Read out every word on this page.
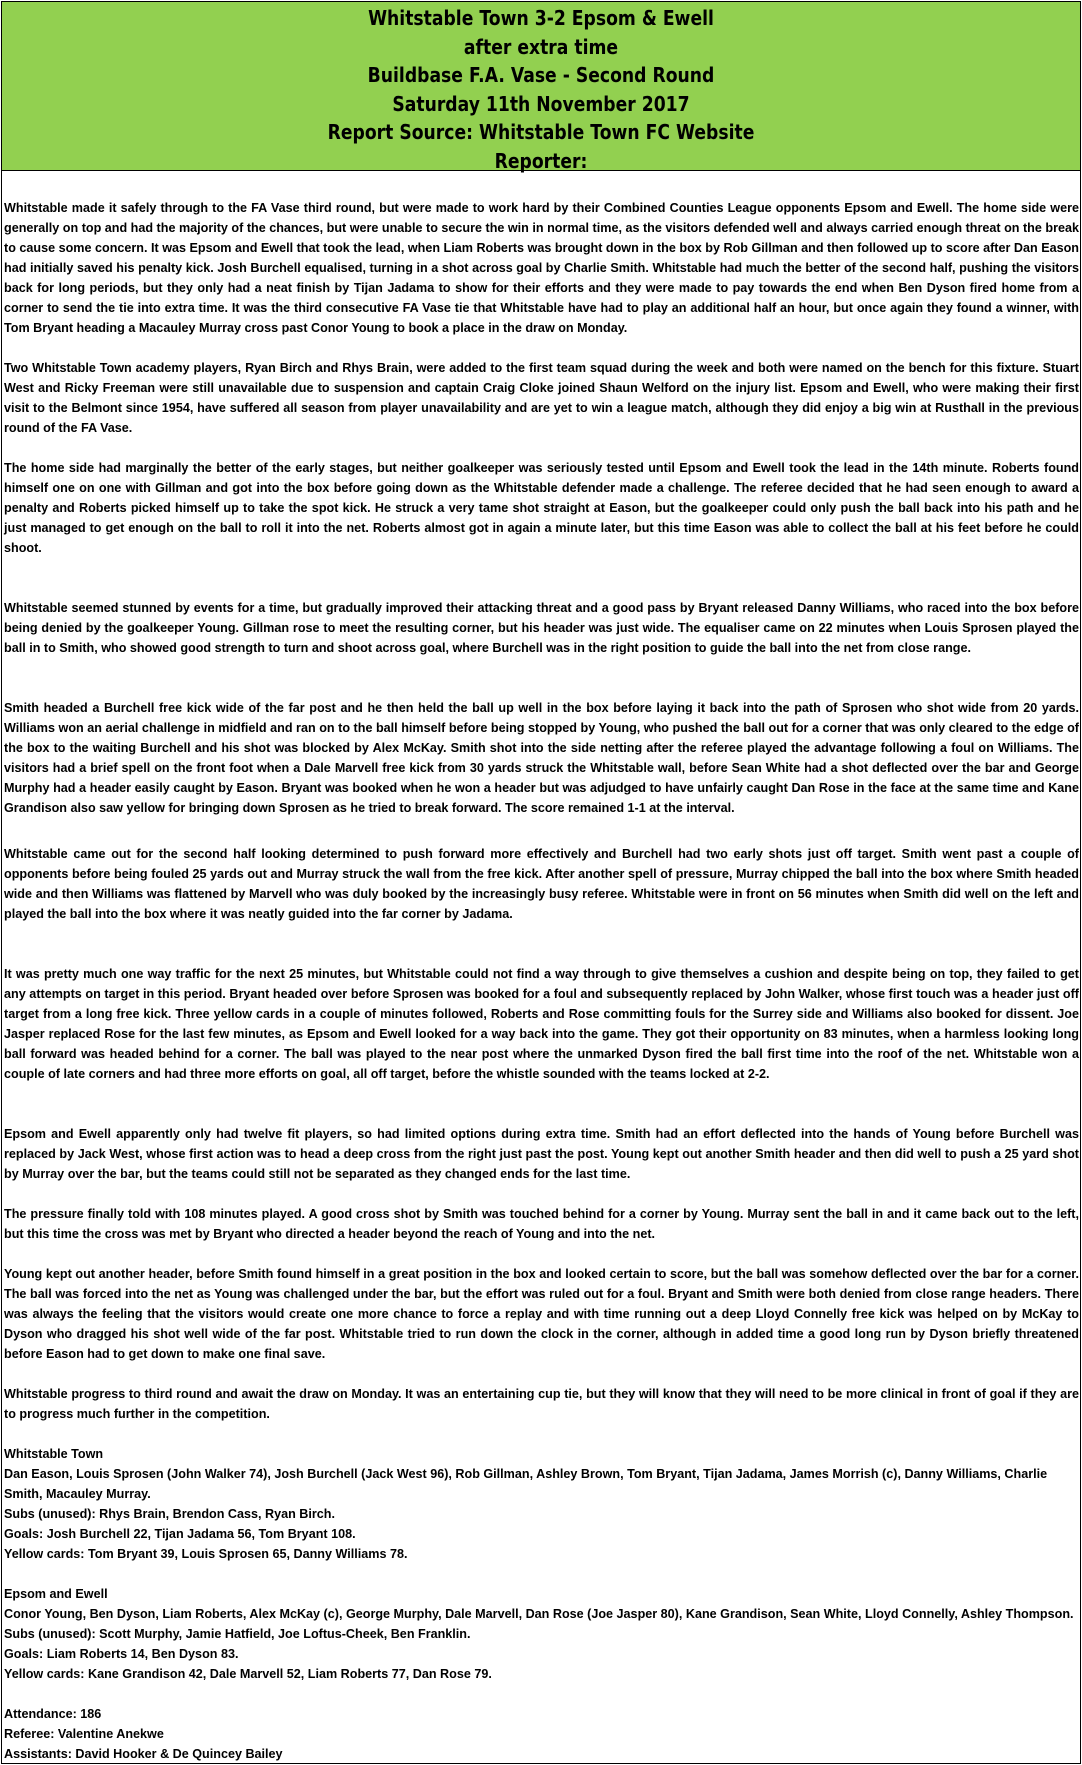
Whitstable Town 3-2 Epsom & Ewell
after extra time
Buildbase F.A. Vase - Second Round
Saturday 11th November 2017
Report Source: Whitstable Town FC Website
Reporter:

Whitstable made it safely through to the FA Vase third round, but were made to work hard by their Combined Counties League opponents Epsom and Ewell. The home side were generally on top and had the majority of the chances, but were unable to secure the win in normal time, as the visitors defended well and always carried enough threat on the break to cause some concern. It was Epsom and Ewell that took the lead, when Liam Roberts was brought down in the box by Rob Gillman and then followed up to score after Dan Eason had initially saved his penalty kick. Josh Burchell equalised, turning in a shot across goal by Charlie Smith. Whitstable had much the better of the second half, pushing the visitors back for long periods, but they only had a neat finish by Tijan Jadama to show for their efforts and they were made to pay towards the end when Ben Dyson fired home from a corner to send the tie into extra time. It was the third consecutive FA Vase tie that Whitstable have had to play an additional half an hour, but once again they found a winner, with Tom Bryant heading a Macauley Murray cross past Conor Young to book a place in the draw on Monday.

Two Whitstable Town academy players, Ryan Birch and Rhys Brain, were added to the first team squad during the week and both were named on the bench for this fixture. Stuart West and Ricky Freeman were still unavailable due to suspension and captain Craig Cloke joined Shaun Welford on the injury list. Epsom and Ewell, who were making their first visit to the Belmont since 1954, have suffered all season from player unavailability and are yet to win a league match, although they did enjoy a big win at Rusthall in the previous round of the FA Vase.

The home side had marginally the better of the early stages, but neither goalkeeper was seriously tested until Epsom and Ewell took the lead in the 14th minute. Roberts found himself one on one with Gillman and got into the box before going down as the Whitstable defender made a challenge. The referee decided that he had seen enough to award a penalty and Roberts picked himself up to take the spot kick. He struck a very tame shot straight at Eason, but the goalkeeper could only push the ball back into his path and he just managed to get enough on the ball to roll it into the net. Roberts almost got in again a minute later, but this time Eason was able to collect the ball at his feet before he could shoot.

Whitstable seemed stunned by events for a time, but gradually improved their attacking threat and a good pass by Bryant released Danny Williams, who raced into the box before being denied by the goalkeeper Young. Gillman rose to meet the resulting corner, but his header was just wide. The equaliser came on 22 minutes when Louis Sprosen played the ball in to Smith, who showed good strength to turn and shoot across goal, where Burchell was in the right position to guide the ball into the net from close range.

Smith headed a Burchell free kick wide of the far post and he then held the ball up well in the box before laying it back into the path of Sprosen who shot wide from 20 yards. Williams won an aerial challenge in midfield and ran on to the ball himself before being stopped by Young, who pushed the ball out for a corner that was only cleared to the edge of the box to the waiting Burchell and his shot was blocked by Alex McKay. Smith shot into the side netting after the referee played the advantage following a foul on Williams. The visitors had a brief spell on the front foot when a Dale Marvell free kick from 30 yards struck the Whitstable wall, before Sean White had a shot deflected over the bar and George Murphy had a header easily caught by Eason. Bryant was booked when he won a header but was adjudged to have unfairly caught Dan Rose in the face at the same time and Kane Grandison also saw yellow for bringing down Sprosen as he tried to break forward. The score remained 1-1 at the interval.

Whitstable came out for the second half looking determined to push forward more effectively and Burchell had two early shots just off target. Smith went past a couple of opponents before being fouled 25 yards out and Murray struck the wall from the free kick. After another spell of pressure, Murray chipped the ball into the box where Smith headed wide and then Williams was flattened by Marvell who was duly booked by the increasingly busy referee. Whitstable were in front on 56 minutes when Smith did well on the left and played the ball into the box where it was neatly guided into the far corner by Jadama.

It was pretty much one way traffic for the next 25 minutes, but Whitstable could not find a way through to give themselves a cushion and despite being on top, they failed to get any attempts on target in this period. Bryant headed over before Sprosen was booked for a foul and subsequently replaced by John Walker, whose first touch was a header just off target from a long free kick. Three yellow cards in a couple of minutes followed, Roberts and Rose committing fouls for the Surrey side and Williams also booked for dissent. Joe Jasper replaced Rose for the last few minutes, as Epsom and Ewell looked for a way back into the game. They got their opportunity on 83 minutes, when a harmless looking long ball forward was headed behind for a corner. The ball was played to the near post where the unmarked Dyson fired the ball first time into the roof of the net. Whitstable won a couple of late corners and had three more efforts on goal, all off target, before the whistle sounded with the teams locked at 2-2.

Epsom and Ewell apparently only had twelve fit players, so had limited options during extra time. Smith had an effort deflected into the hands of Young before Burchell was replaced by Jack West, whose first action was to head a deep cross from the right just past the post. Young kept out another Smith header and then did well to push a 25 yard shot by Murray over the bar, but the teams could still not be separated as they changed ends for the last time.

The pressure finally told with 108 minutes played. A good cross shot by Smith was touched behind for a corner by Young. Murray sent the ball in and it came back out to the left, but this time the cross was met by Bryant who directed a header beyond the reach of Young and into the net.

Young kept out another header, before Smith found himself in a great position in the box and looked certain to score, but the ball was somehow deflected over the bar for a corner. The ball was forced into the net as Young was challenged under the bar, but the effort was ruled out for a foul. Bryant and Smith were both denied from close range headers. There was always the feeling that the visitors would create one more chance to force a replay and with time running out a deep Lloyd Connelly free kick was helped on by McKay to Dyson who dragged his shot well wide of the far post. Whitstable tried to run down the clock in the corner, although in added time a good long run by Dyson briefly threatened before Eason had to get down to make one final save.

Whitstable progress to third round and await the draw on Monday. It was an entertaining cup tie, but they will know that they will need to be more clinical in front of goal if they are to progress much further in the competition.

Whitstable Town

Dan Eason, Louis Sprosen (John Walker 74), Josh Burchell (Jack West 96), Rob Gillman, Ashley Brown, Tom Bryant, Tijan Jadama, James Morrish (c), Danny Williams, Charlie Smith, Macauley Murray.

Subs (unused): Rhys Brain, Brendon Cass, Ryan Birch.

Goals: Josh Burchell 22, Tijan Jadama 56, Tom Bryant 108.

Yellow cards: Tom Bryant 39, Louis Sprosen 65, Danny Williams 78.

Epsom and Ewell

Conor Young, Ben Dyson, Liam Roberts, Alex McKay (c), George Murphy, Dale Marvell, Dan Rose (Joe Jasper 80), Kane Grandison, Sean White, Lloyd Connelly, Ashley Thompson.

Subs (unused): Scott Murphy, Jamie Hatfield, Joe Loftus-Cheek, Ben Franklin.

Goals: Liam Roberts 14, Ben Dyson 83.

Yellow cards: Kane Grandison 42, Dale Marvell 52, Liam Roberts 77, Dan Rose 79.

Attendance: 186

Referee: Valentine Anekwe

Assistants: David Hooker & De Quincey Bailey
